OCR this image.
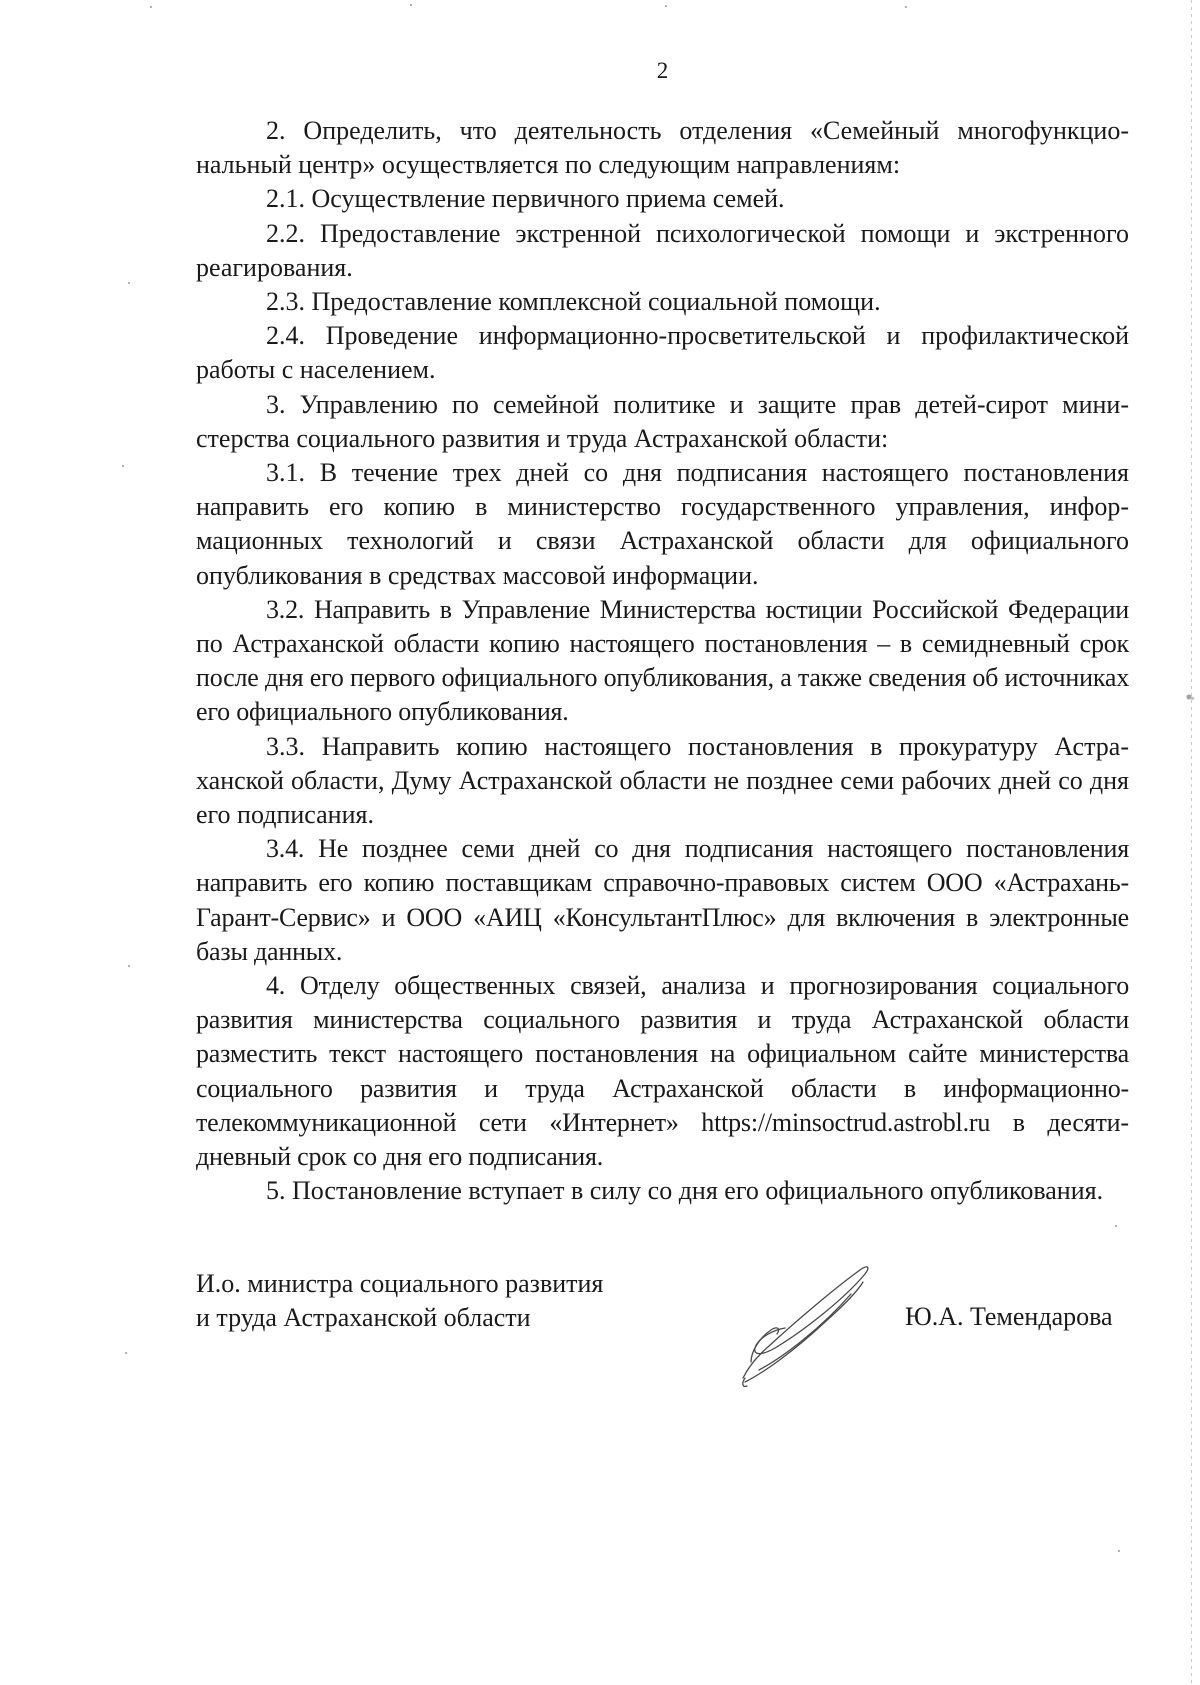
2

2. Определить, что деятельность отделения «Семейный многофункциональный центр» осуществляется по следующим направлениям:

2.1. Осуществление первичного приема семей.

2.2. Предоставление экстренной психологической помощи и экстренного реагирования.

2.3. Предоставление комплексной социальной помощи.

2.4. Проведение информационно-просветительской и профилактической работы с населением.

3. Управлению по семейной политике и защите прав детей-сирот министерства социального развития и труда Астраханской области:

3.1. В течение трех дней со дня подписания настоящего постановления направить его копию в министерство государственного управления, информационных технологий и связи Астраханской области для официального опубликования в средствах массовой информации.

3.2. Направить в Управление Министерства юстиции Российской Федерации по Астраханской области копию настоящего постановления – в семидневный срок после дня его первого официального опубликования, а также сведения об источниках его официального опубликования.

3.3. Направить копию настоящего постановления в прокуратуру Астраханской области, Думу Астраханской области не позднее семи рабочих дней со дня его подписания.

3.4. Не позднее семи дней со дня подписания настоящего постановления направить его копию поставщикам справочно-правовых систем ООО «Астрахань-Гарант-Сервис» и ООО «АИЦ «КонсультантПлюс» для включения в электронные базы данных.

4. Отделу общественных связей, анализа и прогнозирования социального развития министерства социального развития и труда Астраханской области разместить текст настоящего постановления на официальном сайте министерства социального развития и труда Астраханской области в информационно-телекоммуникационной сети «Интернет» https://minsoctrud.astrobl.ru в десятидневный срок со дня его подписания.

5. Постановление вступает в силу со дня его официального опубликования.

И.о. министра социального развития
и труда Астраханской области	Ю.А. Темендарова
